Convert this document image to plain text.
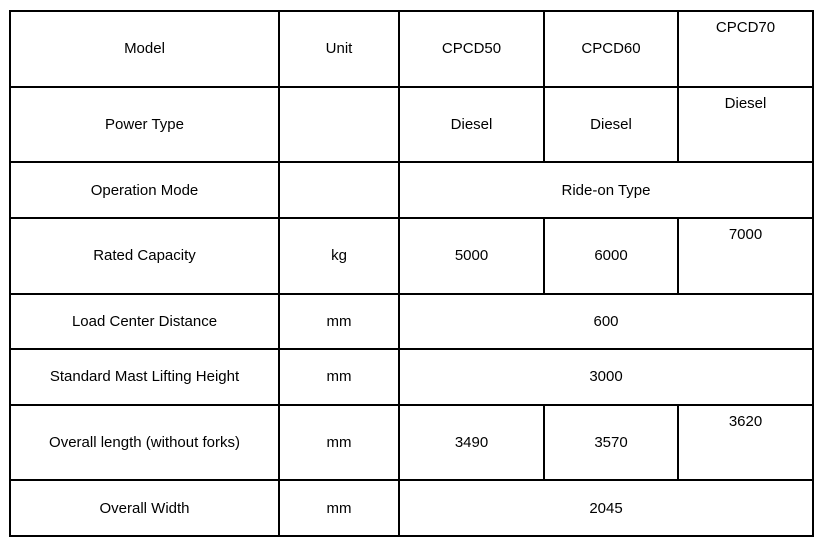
Model	Unit	CPCD50	CPCD60	CPCD70
Power Type		Diesel	Diesel	Diesel
Operation Mode		Ride-on Type		
Rated Capacity	kg	5000	6000	7000
Load Center Distance	mm	600		
Standard Mast Lifting Height	mm	3000		
Overall length (without forks)	mm	3490	3570	3620
Overall Width	mm	2045		
